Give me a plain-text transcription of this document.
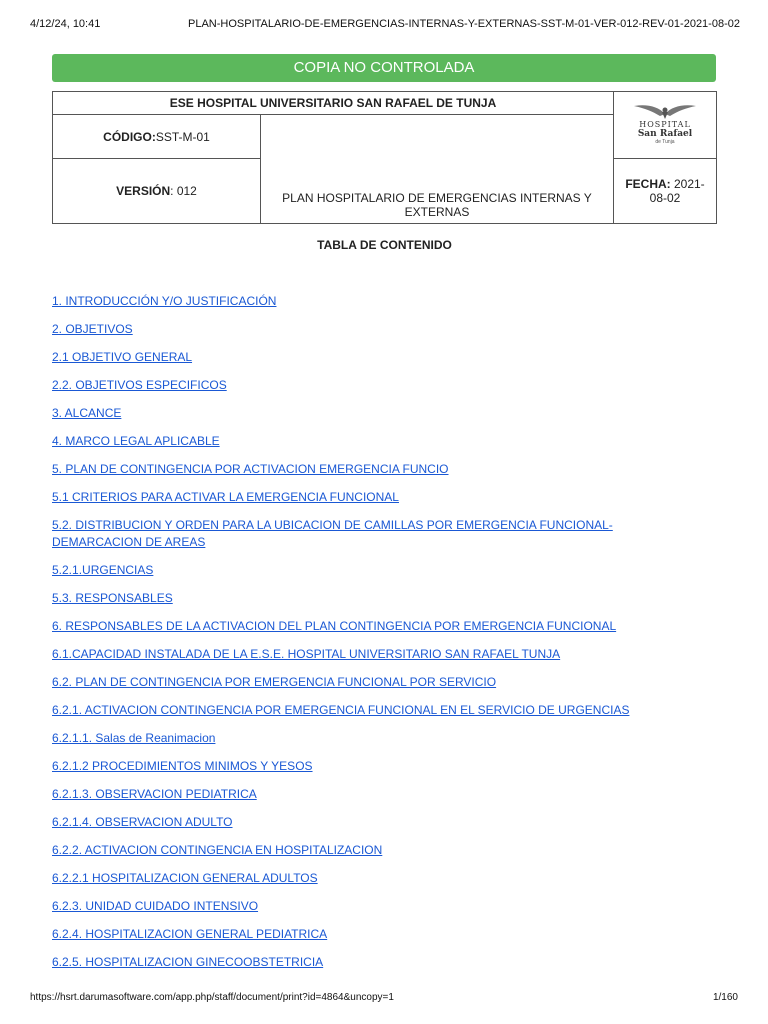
4/12/24, 10:41	PLAN-HOSPITALARIO-DE-EMERGENCIAS-INTERNAS-Y-EXTERNAS-SST-M-01-VER-012-REV-01-2021-08-02
COPIA NO CONTROLADA
ESE HOSPITAL UNIVERSITARIO SAN RAFAEL DE TUNJA		HOSPITAL
San Rafael
de Tunja

CÓDIGO:SST-M-01	PLAN HOSPITALARIO DE EMERGENCIAS INTERNAS Y EXTERNAS	
VERSIÓN: 012		FECHA: 2021-08-02
TABLA DE CONTENIDO
1. INTRODUCCIÓN Y/O JUSTIFICACIÓN
2. OBJETIVOS
2.1 OBJETIVO GENERAL
2.2. OBJETIVOS ESPECIFICOS
3. ALCANCE
4. MARCO LEGAL APLICABLE
5. PLAN DE CONTINGENCIA POR ACTIVACION EMERGENCIA FUNCIO
5.1 CRITERIOS PARA ACTIVAR LA EMERGENCIA FUNCIONAL
5.2. DISTRIBUCION Y ORDEN PARA LA UBICACION DE CAMILLAS POR EMERGENCIA FUNCIONAL- DEMARCACION DE AREAS
5.2.1.URGENCIAS
5.3. RESPONSABLES
6. RESPONSABLES DE LA ACTIVACION DEL PLAN CONTINGENCIA POR EMERGENCIA FUNCIONAL
6.1.CAPACIDAD INSTALADA DE LA E.S.E. HOSPITAL UNIVERSITARIO SAN RAFAEL TUNJA
6.2. PLAN DE CONTINGENCIA POR EMERGENCIA FUNCIONAL POR SERVICIO
6.2.1. ACTIVACION CONTINGENCIA POR EMERGENCIA FUNCIONAL EN EL SERVICIO DE URGENCIAS
6.2.1.1. Salas de Reanimacion
6.2.1.2 PROCEDIMIENTOS MINIMOS Y YESOS
6.2.1.3. OBSERVACION PEDIATRICA
6.2.1.4. OBSERVACION ADULTO
6.2.2. ACTIVACION CONTINGENCIA EN HOSPITALIZACION
6.2.2.1 HOSPITALIZACION GENERAL ADULTOS
6.2.3. UNIDAD CUIDADO INTENSIVO
6.2.4. HOSPITALIZACION GENERAL PEDIATRICA
6.2.5. HOSPITALIZACION GINECOOBSTETRICIA
https://hsrt.darumasoftware.com/app.php/staff/document/print?id=4864&uncopy=1	1/160
